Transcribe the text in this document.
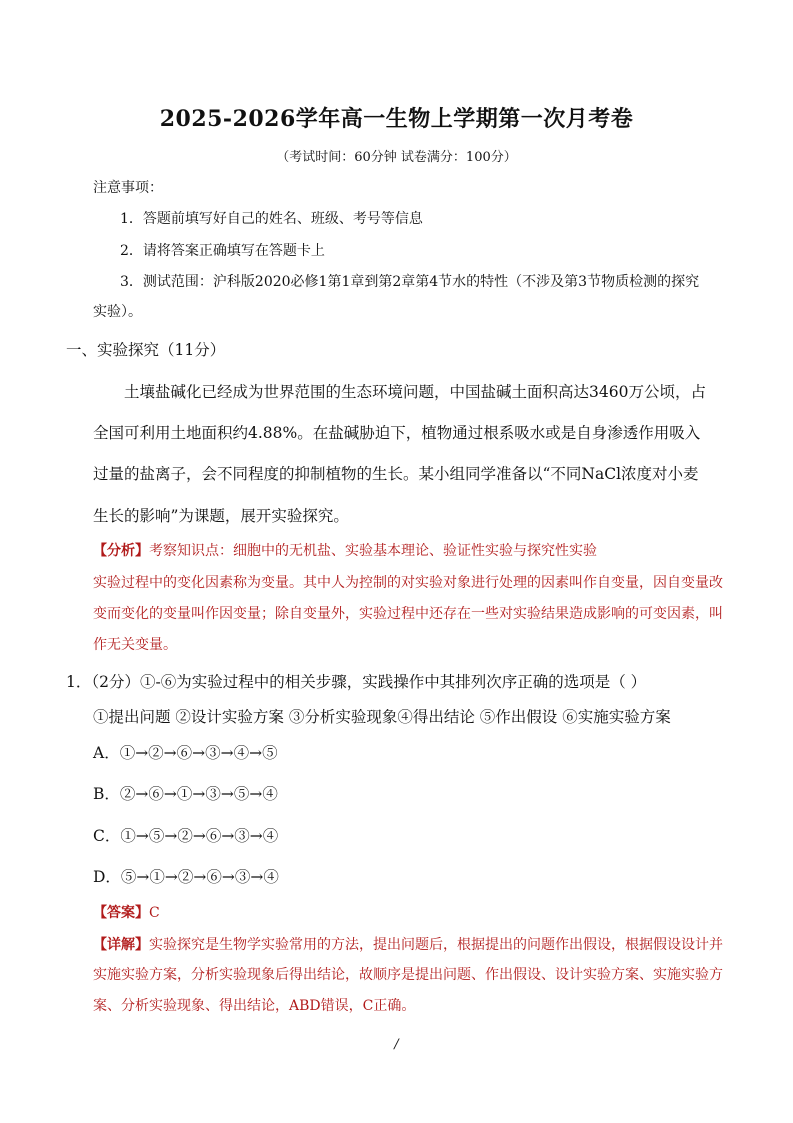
2025-2026学年高一生物上学期第一次月考卷
（考试时间：60分钟 试卷满分：100分）
注意事项：
1．答题前填写好自己的姓名、班级、考号等信息
2．请将答案正确填写在答题卡上
3．测试范围：沪科版2020必修1第1章到第2章第4节水的特性（不涉及第3节物质检测的探究
实验）。
一、实验探究（11分）
土壤盐碱化已经成为世界范围的生态环境问题，中国盐碱土面积高达3460万公顷，占
全国可利用土地面积约4.88%。在盐碱胁迫下，植物通过根系吸水或是自身渗透作用吸入
过量的盐离子，会不同程度的抑制植物的生长。某小组同学准备以“不同NaCl浓度对小麦
生长的影响”为课题，展开实验探究。
【分析】考察知识点：细胞中的无机盐、实验基本理论、验证性实验与探究性实验
实验过程中的变化因素称为变量。其中人为控制的对实验对象进行处理的因素叫作自变量，因自变量改
变而变化的变量叫作因变量；除自变量外，实验过程中还存在一些对实验结果造成影响的可变因素，叫
作无关变量。
1．（2分）①-⑥为实验过程中的相关步骤，实践操作中其排列次序正确的选项是（ ）
①提出问题 ②设计实验方案 ③分析实验现象④得出结论 ⑤作出假设 ⑥实施实验方案
A．①→②→⑥→③→④→⑤
B．②→⑥→①→③→⑤→④
C．①→⑤→②→⑥→③→④
D．⑤→①→②→⑥→③→④
【答案】C
【详解】实验探究是生物学实验常用的方法，提出问题后，根据提出的问题作出假设，根据假设设计并
实施实验方案，分析实验现象后得出结论，故顺序是提出问题、作出假设、设计实验方案、实施实验方
案、分析实验现象、得出结论，ABD错误，C正确。
/
